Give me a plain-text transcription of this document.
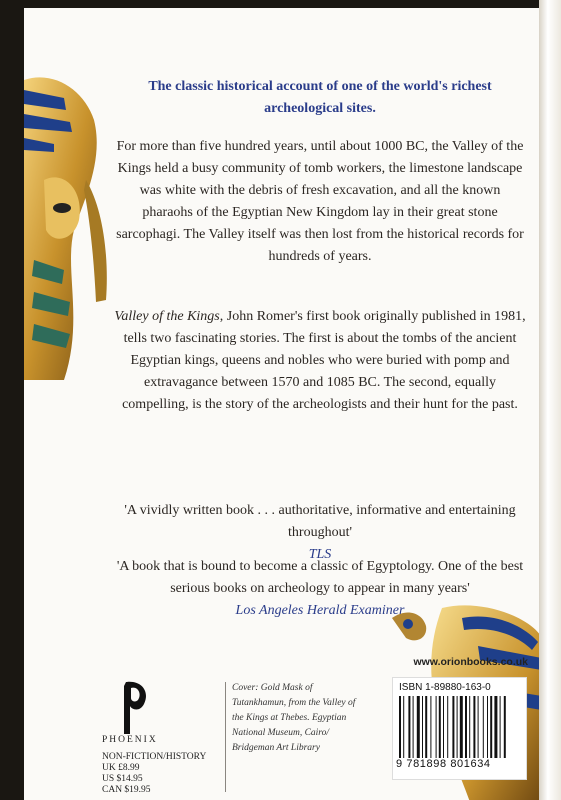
The classic historical account of one of the world's richest archeological sites.

For more than five hundred years, until about 1000 BC, the Valley of the Kings held a busy community of tomb workers, the limestone landscape was white with the debris of fresh excavation, and all the known pharaohs of the Egyptian New Kingdom lay in their great stone sarcophagi. The Valley itself was then lost from the historical records for hundreds of years.

Valley of the Kings, John Romer's first book originally published in 1981, tells two fascinating stories. The first is about the tombs of the ancient Egyptian kings, queens and nobles who were buried with pomp and extravagance between 1570 and 1085 BC. The second, equally compelling, is the story of the archeologists and their hunt for the past.

'A vividly written book . . . authoritative, informative and entertaining throughout'
TLS

'A book that is bound to become a classic of Egyptology. One of the best serious books on archeology to appear in many years'
Los Angeles Herald Examiner

www.orionbooks.co.uk
ISBN 1-89880-163-0
9 781898 801634
PHOENIX
NON-FICTION/HISTORY
UK £8.99
US $14.95
CAN $19.95
Cover: Gold Mask of Tutankhamun, from the Valley of the Kings at Thebes. Egyptian National Museum, Cairo/ Bridgeman Art Library
